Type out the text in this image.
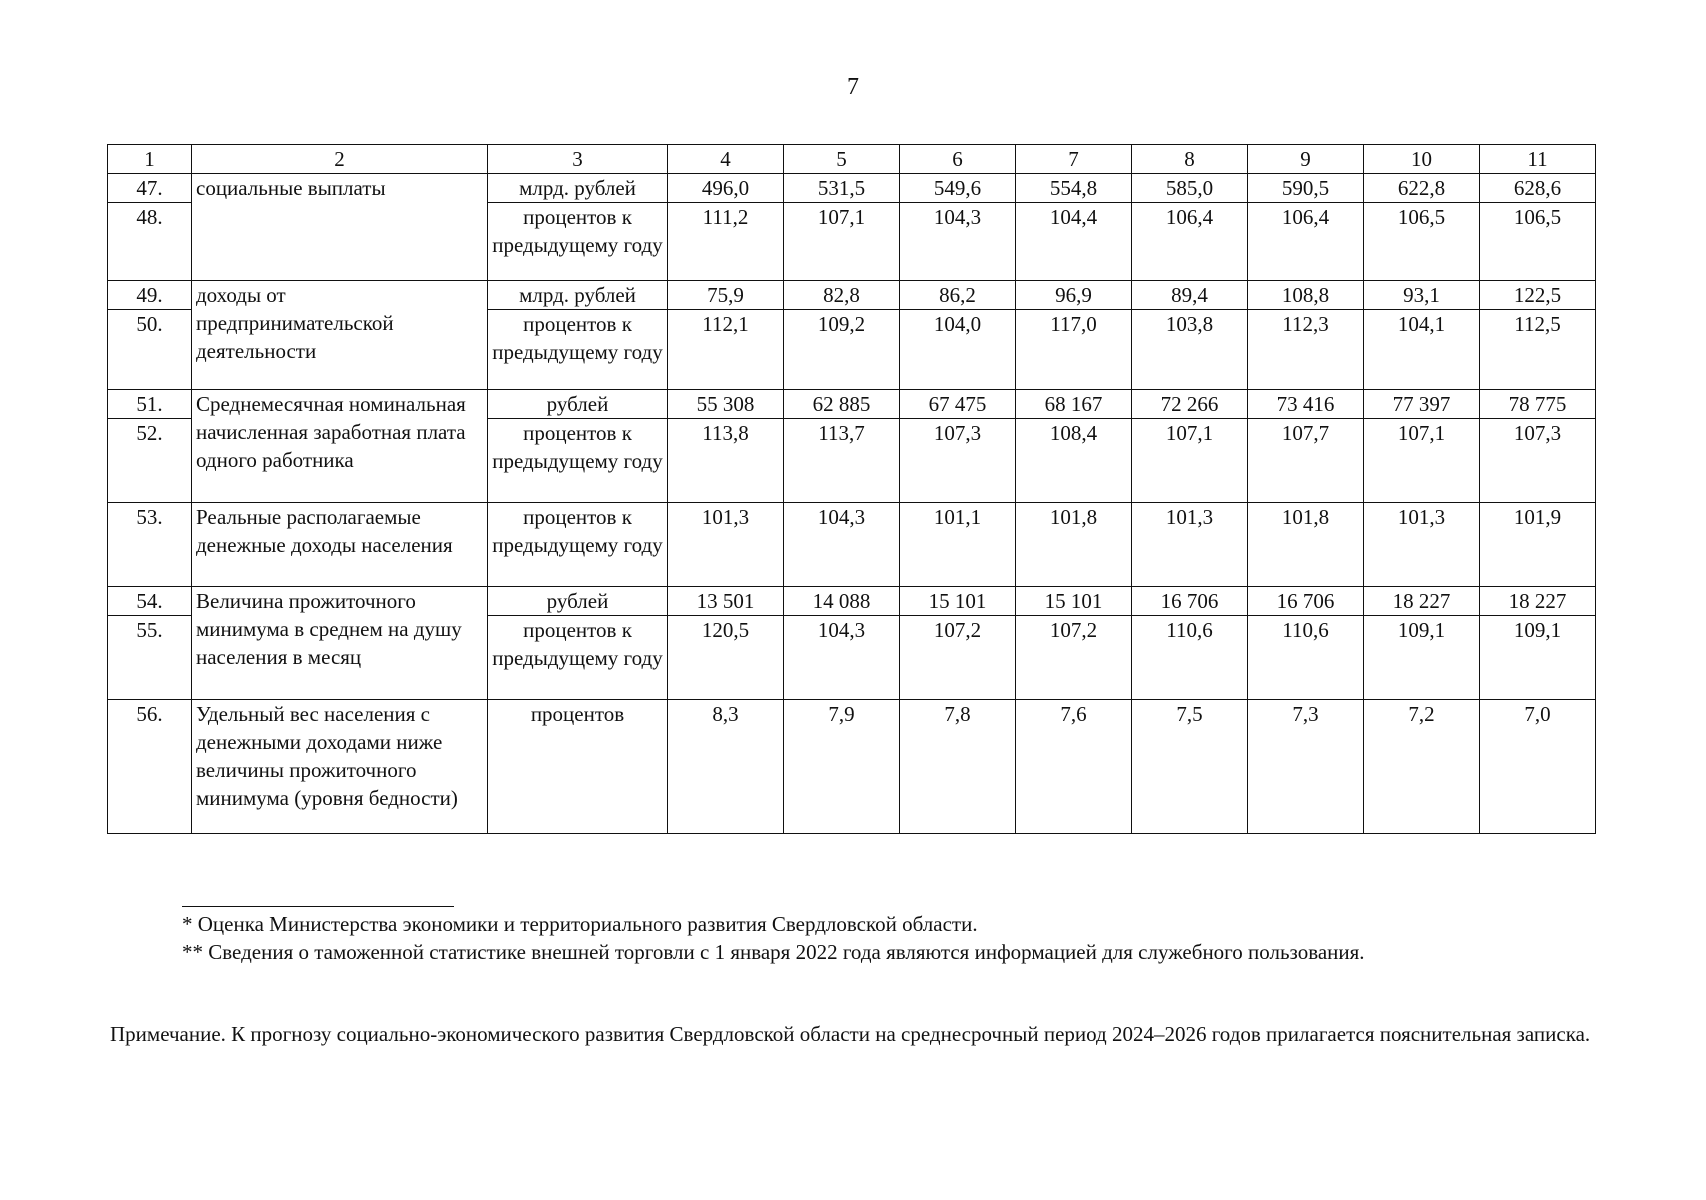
7
1	2	3	4	5	6	7	8	9	10	11
47.	социальные выплаты	млрд. рублей	496,0	531,5	549,6	554,8	585,0	590,5	622,8	628,6
48.		процентов к предыдущему году	111,2	107,1	104,3	104,4	106,4	106,4	106,5	106,5
49.	доходы от предпринимательской деятельности	млрд. рублей	75,9	82,8	86,2	96,9	89,4	108,8	93,1	122,5
50.		процентов к предыдущему году	112,1	109,2	104,0	117,0	103,8	112,3	104,1	112,5
51.	Среднемесячная номинальная начисленная заработная плата одного работника	рублей	55 308	62 885	67 475	68 167	72 266	73 416	77 397	78 775
52.		процентов к предыдущему году	113,8	113,7	107,3	108,4	107,1	107,7	107,1	107,3
53.	Реальные располагаемые денежные доходы населения	процентов к предыдущему году	101,3	104,3	101,1	101,8	101,3	101,8	101,3	101,9
54.	Величина прожиточного минимума в среднем на душу населения в месяц	рублей	13 501	14 088	15 101	15 101	16 706	16 706	18 227	18 227
55.		процентов к предыдущему году	120,5	104,3	107,2	107,2	110,6	110,6	109,1	109,1
56.	Удельный вес населения с денежными доходами ниже величины прожиточного минимума (уровня бедности)	процентов	8,3	7,9	7,8	7,6	7,5	7,3	7,2	7,0
* Оценка Министерства экономики и территориального развития Свердловской области.
** Сведения о таможенной статистике внешней торговли с 1 января 2022 года являются информацией для служебного пользования.
Примечание. К прогнозу социально-экономического развития Свердловской области на среднесрочный период 2024–2026 годов прилагается пояснительная записка.
